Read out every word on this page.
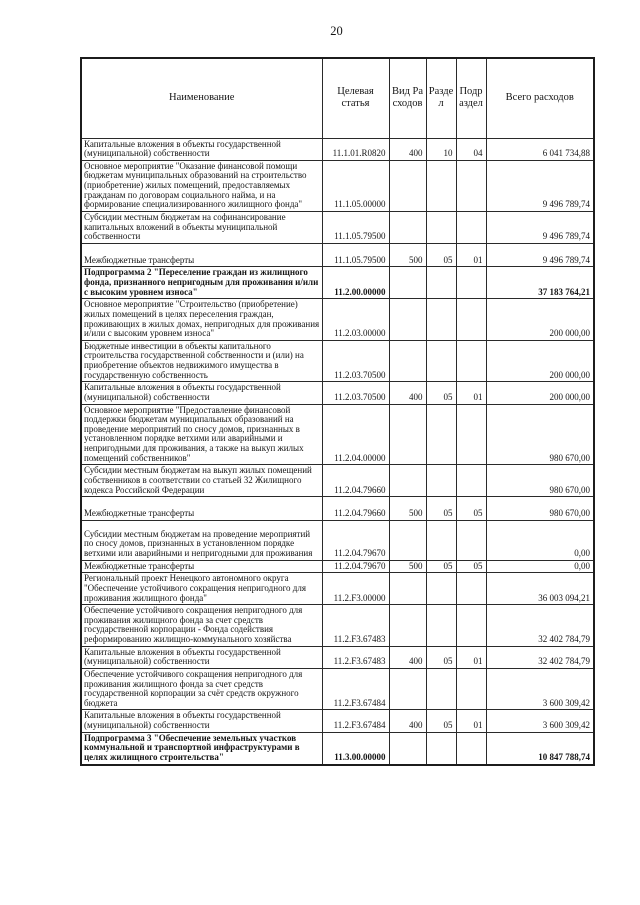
20
Наименование	Целевая статья	Вид Расходов	Раздел	Подраздел	Всего расходов
Капитальные вложения в объекты государственной (муниципальной) собственности	11.1.01.R0820	400	10	04	6 041 734,88
Основное мероприятие "Оказание финансовой помощи бюджетам муниципальных образований на строительство (приобретение) жилых помещений, предоставляемых гражданам по договорам социального найма, и на формирование специализированного жилищного фонда"	11.1.05.00000				9 496 789,74
Субсидии местным бюджетам на софинансирование капитальных вложений в объекты муниципальной собственности	11.1.05.79500				9 496 789,74
Межбюджетные трансферты	11.1.05.79500	500	05	01	9 496 789,74
Подпрограмма 2 "Переселение граждан из жилищного фонда, признанного непригодным для проживания и/или с высоким уровнем износа"	11.2.00.00000				37 183 764,21
Основное мероприятие "Строительство (приобретение) жилых помещений в целях переселения граждан, проживающих в жилых домах, непригодных для проживания и/или с высоким уровнем износа"	11.2.03.00000				200 000,00
Бюджетные инвестиции в объекты капитального строительства государственной собственности и (или) на приобретение объектов недвижимого имущества в государственную собственность	11.2.03.70500				200 000,00
Капитальные вложения в объекты государственной (муниципальной) собственности	11.2.03.70500	400	05	01	200 000,00
Основное мероприятие "Предоставление финансовой поддержки бюджетам муниципальных образований на проведение мероприятий по сносу домов, признанных в установленном порядке ветхими или аварийными и непригодными для проживания, а также на выкуп жилых помещений собственников"	11.2.04.00000				980 670,00
Субсидии местным бюджетам на выкуп жилых помещений собственников в соответствии со статьей 32 Жилищного кодекса Российской Федерации	11.2.04.79660				980 670,00
Межбюджетные трансферты	11.2.04.79660	500	05	05	980 670,00
Субсидии местным бюджетам на проведение мероприятий по сносу домов, признанных в установленном порядке ветхими или аварийными и непригодными для проживания	11.2.04.79670				0,00
Межбюджетные трансферты	11.2.04.79670	500	05	05	0,00
Региональный проект Ненецкого автономного округа "Обеспечение устойчивого сокращения непригодного для проживания жилищного фонда"	11.2.F3.00000				36 003 094,21
Обеспечение устойчивого сокращения непригодного для проживания жилищного фонда за счет средств государственной корпорации - Фонда содействия реформированию жилищно-коммунального хозяйства	11.2.F3.67483				32 402 784,79
Капитальные вложения в объекты государственной (муниципальной) собственности	11.2.F3.67483	400	05	01	32 402 784,79
Обеспечение устойчивого сокращения непригодного для проживания жилищного фонда за счет средств государственной корпорации за счёт средств окружного бюджета	11.2.F3.67484				3 600 309,42
Капитальные вложения в объекты государственной (муниципальной) собственности	11.2.F3.67484	400	05	01	3 600 309,42
Подпрограмма 3 "Обеспечение земельных участков коммунальной и транспортной инфраструктурами в целях жилищного строительства"	11.3.00.00000				10 847 788,74
